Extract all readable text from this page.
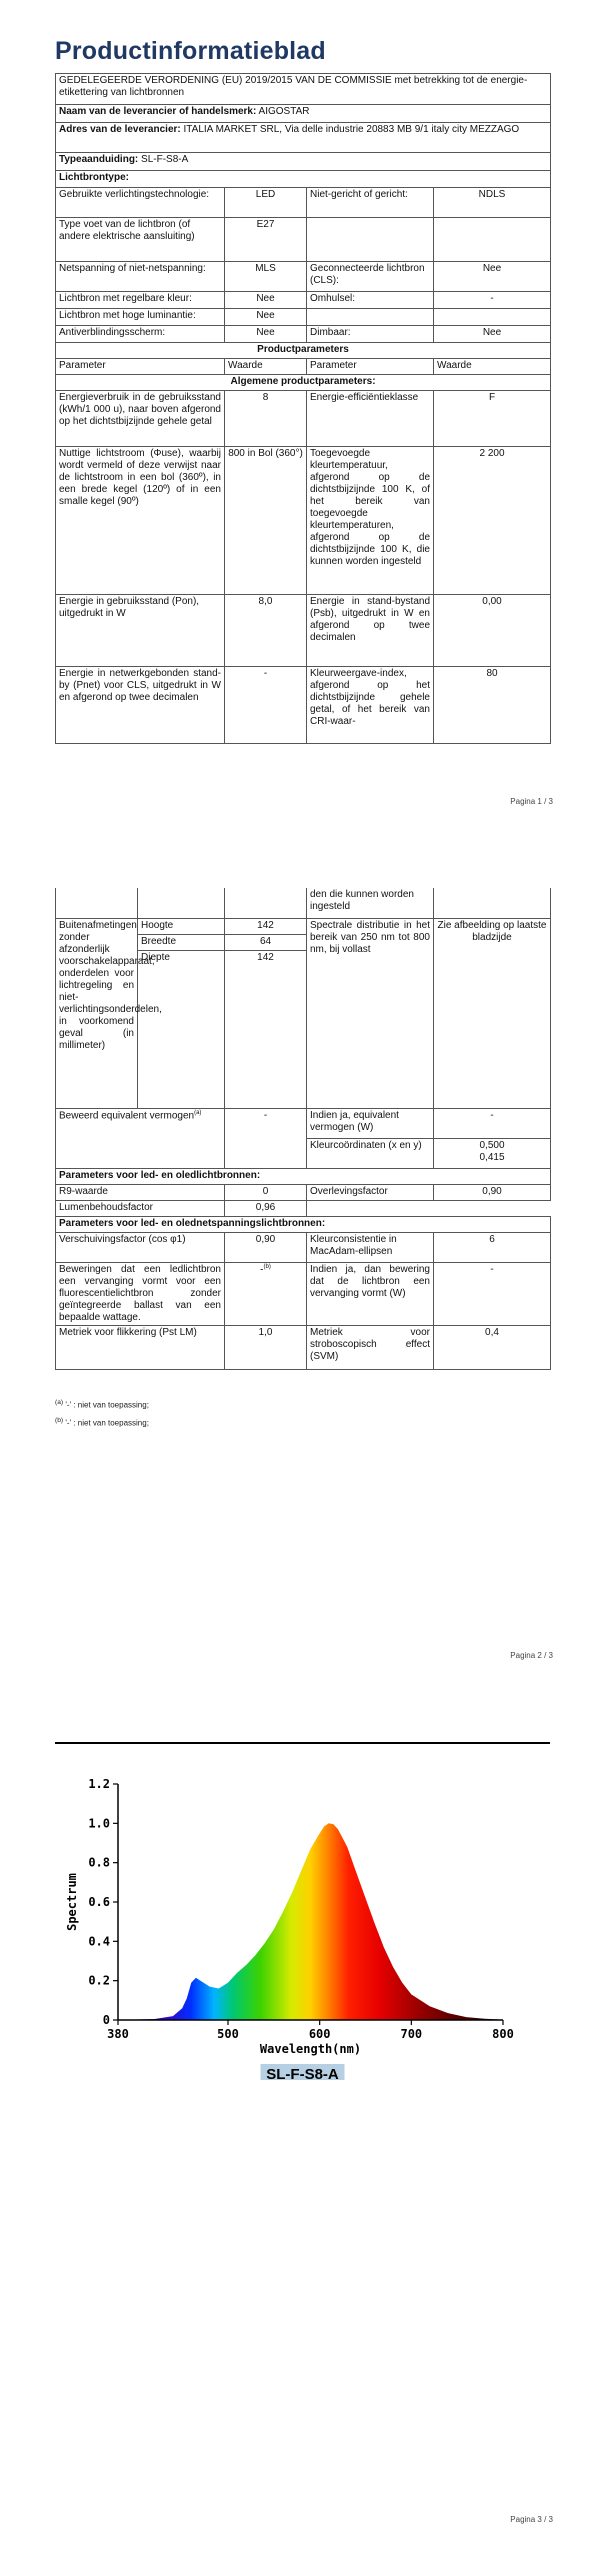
Productinformatieblad
GEDELEGEERDE VERORDENING (EU) 2019/2015 VAN DE COMMISSIE met betrekking tot de energie-etikettering van lichtbronnen			
Naam van de leverancier of handelsmerk: AIGOSTAR			
Adres van de leverancier: ITALIA MARKET SRL, Via delle industrie 20883 MB 9/1 italy city MEZZAGO			
Typeaanduiding: SL-F-S8-A			
Lichtbrontype:			
Gebruikte verlichtingstechnologie:	LED	Niet-gericht of gericht:	NDLS
Type voet van de lichtbron (of andere elektrische aansluiting)	E27		
Netspanning of niet-netspanning:	MLS	Geconnecteerde lichtbron (CLS):	Nee
Lichtbron met regelbare kleur:	Nee	Omhulsel:	-
Lichtbron met hoge luminantie:	Nee		
Antiverblindingsscherm:	Nee	Dimbaar:	Nee
Productparameters			
Parameter	Waarde	Parameter	Waarde
Algemene productparameters:			
Energieverbruik in de gebruiksstand (kWh/1 000 u), naar boven afgerond op het dichtstbijzijnde gehele getal	8	Energie-efficiëntieklasse	F
Nuttige lichtstroom (Φuse), waarbij wordt vermeld of deze verwijst naar de lichtstroom in een bol (360º), in een brede kegel (120º) of in een smalle kegel (90º)	800 in Bol (360°)	Toegevoegde kleurtemperatuur, afgerond op de dichtstbijzijnde 100 K, of het bereik van toegevoegde kleurtemperaturen, afgerond op de dichtstbijzijnde 100 K, die kunnen worden ingesteld	2 200
Energie in gebruiksstand (Pon), uitgedrukt in W	8,0	Energie in stand-bystand (Psb), uitgedrukt in W en afgerond op twee decimalen	0,00
Energie in netwerkgebonden stand-by (Pnet) voor CLS, uitgedrukt in W en afgerond op twee decimalen	-	Kleurweergave-index, afgerond op het dichtstbijzijnde gehele getal, of het bereik van CRI-waar-	80
Pagina 1 / 3
			den die kunnen worden ingesteld	
Buitenafmetingen zonder afzonderlijk voorschakelapparaat, onderdelen voor lichtregeling en niet-verlichtingsonderdelen, in voorkomend geval (in millimeter)	Hoogte	142	Spectrale distributie in het bereik van 250 nm tot 800 nm, bij vollast	Zie afbeelding op laatste bladzijde
	Breedte	64		
	Diepte	142		
Beweerd equivalent vermogen$^{(a)}$		-	Indien ja, equivalent vermogen (W)	-
			Kleurcoördinaten (x en y)	0,500
0,415

Parameters voor led- en oledlichtbronnen:				
R9-waarde		0	Overlevingsfactor	0,90
Lumenbehoudsfactor		0,96		
Parameters voor led- en olednetspanningslichtbronnen:				
Verschuivingsfactor (cos φ1)		0,90	Kleurconsistentie in MacAdam-ellipsen	6
Beweringen dat een ledlichtbron een vervanging vormt voor een fluorescentielichtbron zonder geïntegreerde ballast van een bepaalde wattage.		-$^{(b)}$	Indien ja, dan bewering dat de lichtbron een vervanging vormt (W)	-
Metriek voor flikkering (Pst LM)		1,0	Metriek voor stroboscopisch effect (SVM)	0,4
$^{(a)}$ '-' : niet van toepassing;
$^{(b)}$ '-' : niet van toepassing;
Pagina 2 / 3
0
0.2
0.4
0.6
0.8
1.0
1.2
380	500	600	700	800
Wavelength(nm)
Spectrum
SL-F-S8-A
Pagina 3 / 3
